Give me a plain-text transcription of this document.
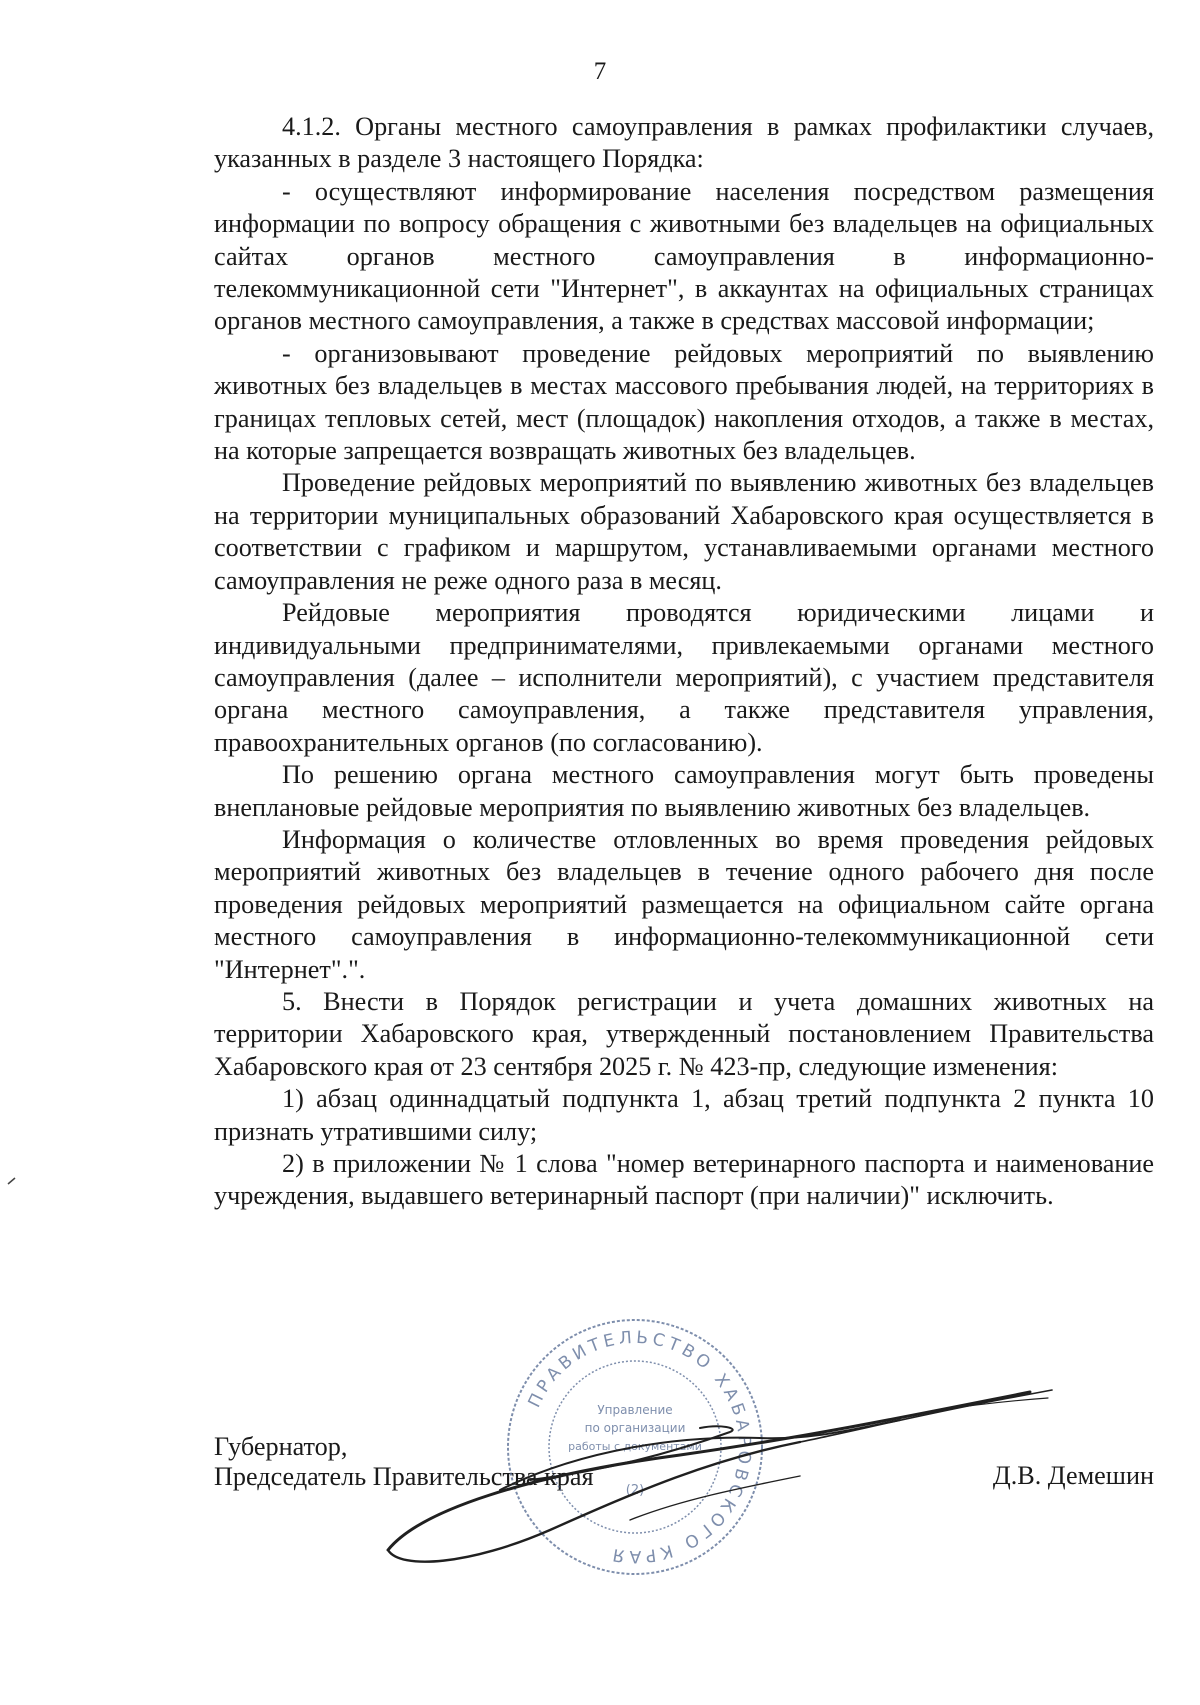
7

4.1.2. Органы местного самоуправления в рамках профилактики случаев, указанных в разделе 3 настоящего Порядка:

- осуществляют информирование населения посредством размещения информации по вопросу обращения с животными без владельцев на официальных сайтах органов местного самоуправления в информационно-телекоммуникационной сети "Интернет", в аккаунтах на официальных страницах органов местного самоуправления, а также в средствах массовой информации;

- организовывают проведение рейдовых мероприятий по выявлению животных без владельцев в местах массового пребывания людей, на территориях в границах тепловых сетей, мест (площадок) накопления отходов, а также в местах, на которые запрещается возвращать животных без владельцев.

Проведение рейдовых мероприятий по выявлению животных без владельцев на территории муниципальных образований Хабаровского края осуществляется в соответствии с графиком и маршрутом, устанавливаемыми органами местного самоуправления не реже одного раза в месяц.

Рейдовые мероприятия проводятся юридическими лицами и индивидуальными предпринимателями, привлекаемыми органами местного самоуправления (далее – исполнители мероприятий), с участием представителя органа местного самоуправления, а также представителя управления, правоохранительных органов (по согласованию).

По решению органа местного самоуправления могут быть проведены внеплановые рейдовые мероприятия по выявлению животных без владельцев.

Информация о количестве отловленных во время проведения рейдовых мероприятий животных без владельцев в течение одного рабочего дня после проведения рейдовых мероприятий размещается на официальном сайте органа местного самоуправления в информационно-телекоммуникационной сети "Интернет".".

5. Внести в Порядок регистрации и учета домашних животных на территории Хабаровского края, утвержденный постановлением Правительства Хабаровского края от 23 сентября 2025 г. № 423-пр, следующие изменения:

1) абзац одиннадцатый подпункта 1, абзац третий подпункта 2 пункта 10 признать утратившими силу;

2) в приложении № 1 слова "номер ветеринарного паспорта и наименование учреждения, выдавшего ветеринарный паспорт (при наличии)" исключить.

Губернатор,
Председатель Правительства края
ПРАВИТЕЛЬСТВО ХАБАРОВСКОГО КРАЯ
Управление
по организации
работы с документами
(2)
Д.В. Демешин
